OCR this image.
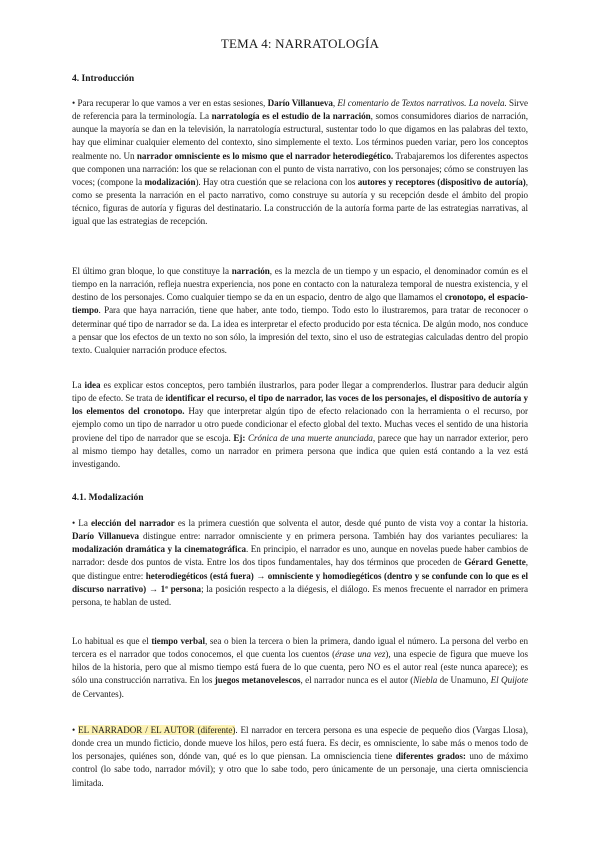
TEMA 4: NARRATOLOGÍA
4. Introducción

• Para recuperar lo que vamos a ver en estas sesiones, Darío Villanueva, El comentario de Textos narrativos. La novela. Sirve de referencia para la terminología. La narratología es el estudio de la narración, somos consumidores diarios de narración, aunque la mayoría se dan en la televisión, la narratología estructural, sustentar todo lo que digamos en las palabras del texto, hay que eliminar cualquier elemento del contexto, sino simplemente el texto. Los términos pueden variar, pero los conceptos realmente no. Un narrador omnisciente es lo mismo que el narrador heterodiegético. Trabajaremos los diferentes aspectos que componen una narración: los que se relacionan con el punto de vista narrativo, con los personajes; cómo se construyen las voces; (compone la modalización). Hay otra cuestión que se relaciona con los autores y receptores (dispositivo de autoría), como se presenta la narración en el pacto narrativo, como construye su autoría y su recepción desde el ámbito del propio técnico, figuras de autoría y figuras del destinatario. La construcción de la autoría forma parte de las estrategias narrativas, al igual que las estrategias de recepción.

El último gran bloque, lo que constituye la narración, es la mezcla de un tiempo y un espacio, el denominador común es el tiempo en la narración, refleja nuestra experiencia, nos pone en contacto con la naturaleza temporal de nuestra existencia, y el destino de los personajes. Como cualquier tiempo se da en un espacio, dentro de algo que llamamos el cronotopo, el espacio-tiempo. Para que haya narración, tiene que haber, ante todo, tiempo. Todo esto lo ilustraremos, para tratar de reconocer o determinar qué tipo de narrador se da. La idea es interpretar el efecto producido por esta técnica. De algún modo, nos conduce a pensar que los efectos de un texto no son sólo, la impresión del texto, sino el uso de estrategias calculadas dentro del propio texto. Cualquier narración produce efectos.

La idea es explicar estos conceptos, pero también ilustrarlos, para poder llegar a comprenderlos. Ilustrar para deducir algún tipo de efecto. Se trata de identificar el recurso, el tipo de narrador, las voces de los personajes, el dispositivo de autoría y los elementos del cronotopo. Hay que interpretar algún tipo de efecto relacionado con la herramienta o el recurso, por ejemplo como un tipo de narrador u otro puede condicionar el efecto global del texto. Muchas veces el sentido de una historia proviene del tipo de narrador que se escoja. Ej: Crónica de una muerte anunciada, parece que hay un narrador exterior, pero al mismo tiempo hay detalles, como un narrador en primera persona que indica que quien está contando a la vez está investigando.

4.1. Modalización

• La elección del narrador es la primera cuestión que solventa el autor, desde qué punto de vista voy a contar la historia. Darío Villanueva distingue entre: narrador omnisciente y en primera persona. También hay dos variantes peculiares: la modalización dramática y la cinematográfica. En principio, el narrador es uno, aunque en novelas puede haber cambios de narrador: desde dos puntos de vista. Entre los dos tipos fundamentales, hay dos términos que proceden de Gérard Genette, que distingue entre: heterodiegéticos (está fuera) → omnisciente y homodiegéticos (dentro y se confunde con lo que es el discurso narrativo) → 1ª persona; la posición respecto a la diégesis, el diálogo. Es menos frecuente el narrador en primera persona, te hablan de usted.

Lo habitual es que el tiempo verbal, sea o bien la tercera o bien la primera, dando igual el número. La persona del verbo en tercera es el narrador que todos conocemos, el que cuenta los cuentos (érase una vez), una especie de figura que mueve los hilos de la historia, pero que al mismo tiempo está fuera de lo que cuenta, pero NO es el autor real (este nunca aparece); es sólo una construcción narrativa. En los juegos metanovelescos, el narrador nunca es el autor (Niebla de Unamuno, El Quijote de Cervantes).

• EL NARRADOR / EL AUTOR (diferente). El narrador en tercera persona es una especie de pequeño dios (Vargas Llosa), donde crea un mundo ficticio, donde mueve los hilos, pero está fuera. Es decir, es omnisciente, lo sabe más o menos todo de los personajes, quiénes son, dónde van, qué es lo que piensan. La omnisciencia tiene diferentes grados: uno de máximo control (lo sabe todo, narrador móvil); y otro que lo sabe todo, pero únicamente de un personaje, una cierta omnisciencia limitada.
